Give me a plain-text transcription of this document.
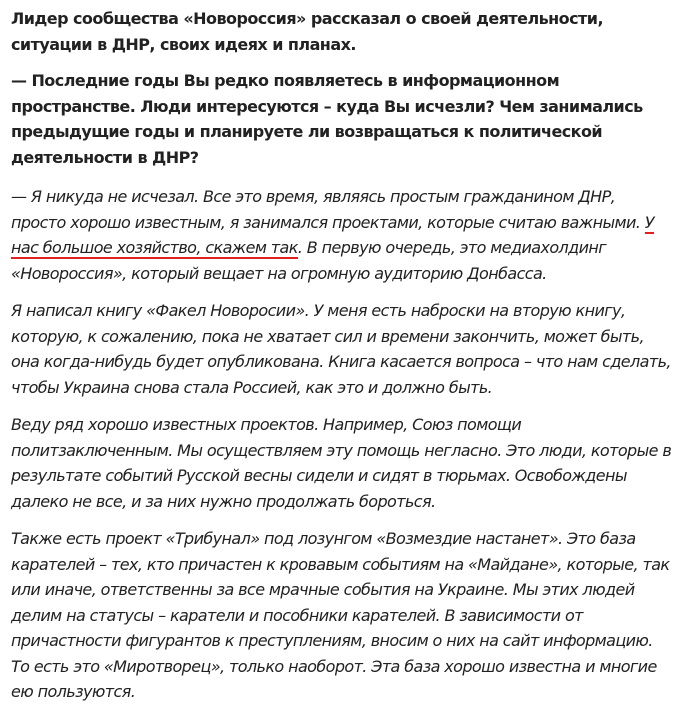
Лидер сообщества «Новороссия» рассказал о своей деятельности, ситуации в ДНР, своих идеях и планах.

— Последние годы Вы редко появляетесь в информационном пространстве. Люди интересуются – куда Вы исчезли? Чем занимались предыдущие годы и планируете ли возвращаться к политической деятельности в ДНР?

— Я никуда не исчезал. Все это время, являясь простым гражданином ДНР, просто хорошо известным, я занимался проектами, которые считаю важными. У нас большое хозяйство, скажем так. В первую очередь, это медиахолдинг «Новороссия», который вещает на огромную аудиторию Донбасса.

Я написал книгу «Факел Новоросии». У меня есть наброски на вторую книгу, которую, к сожалению, пока не хватает сил и времени закончить, может быть, она когда-нибудь будет опубликована. Книга касается вопроса – что нам сделать, чтобы Украина снова стала Россией, как это и должно быть.

Веду ряд хорошо известных проектов. Например, Союз помощи политзаключенным. Мы осуществляем эту помощь негласно. Это люди, которые в результате событий Русской весны сидели и сидят в тюрьмах. Освобождены далеко не все, и за них нужно продолжать бороться.

Также есть проект «Трибунал» под лозунгом «Возмездие настанет». Это база карателей – тех, кто причастен к кровавым событиям на «Майдане», которые, так или иначе, ответственны за все мрачные события на Украине. Мы этих людей делим на статусы – каратели и пособники карателей. В зависимости от причастности фигурантов к преступлениям, вносим о них на сайт информацию. То есть это «Миротворец», только наоборот. Эта база хорошо известна и многие ею пользуются.
